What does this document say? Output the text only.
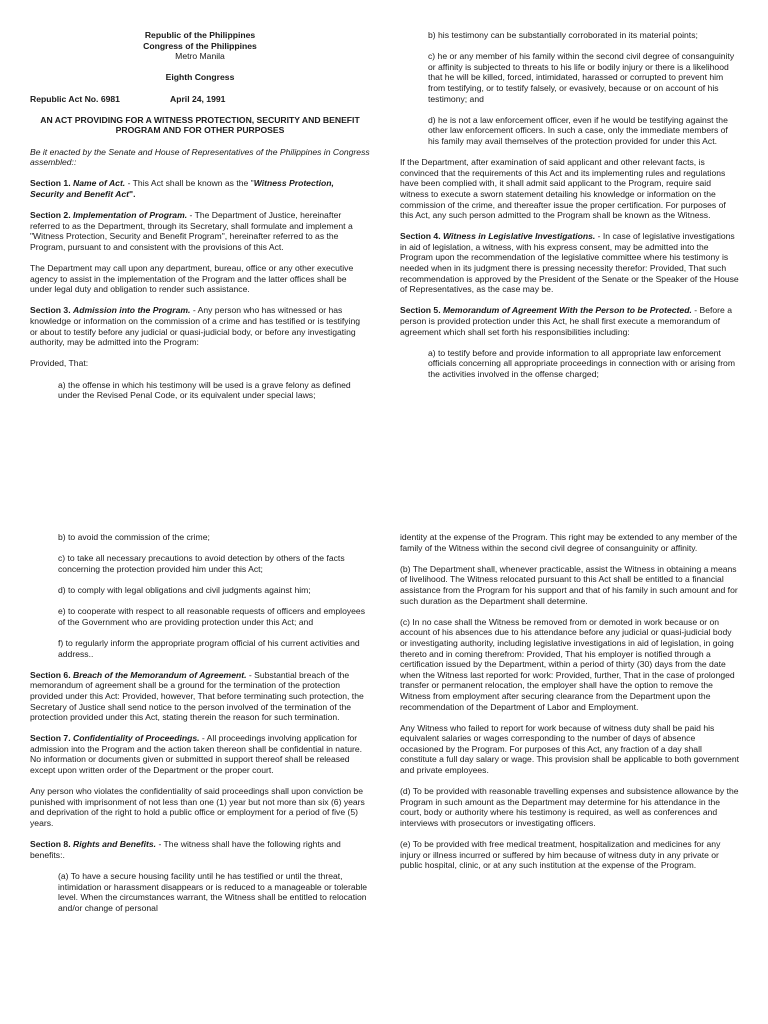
Republic of the Philippines
Congress of the Philippines
Metro Manila
Eighth Congress
Republic Act No. 6981	April 24, 1991
AN ACT PROVIDING FOR A WITNESS PROTECTION, SECURITY AND BENEFIT PROGRAM AND FOR OTHER PURPOSES
Be it enacted by the Senate and House of Representatives of the Philippines in Congress assembled::

Section 1. Name of Act. - This Act shall be known as the "Witness Protection, Security and Benefit Act".

Section 2. Implementation of Program. - The Department of Justice, hereinafter referred to as the Department, through its Secretary, shall formulate and implement a "Witness Protection, Security and Benefit Program", hereinafter referred to as the Program, pursuant to and consistent with the provisions of this Act.

The Department may call upon any department, bureau, office or any other executive agency to assist in the implementation of the Program and the latter offices shall be under legal duty and obligation to render such assistance.

Section 3. Admission into the Program. - Any person who has witnessed or has knowledge or information on the commission of a crime and has testified or is testifying or about to testify before any judicial or quasi-judicial body, or before any investigating authority, may be admitted into the Program:

Provided, That:

a) the offense in which his testimony will be used is a grave felony as defined under the Revised Penal Code, or its equivalent under special laws;

b) his testimony can be substantially corroborated in its material points;

c) he or any member of his family within the second civil degree of consanguinity or affinity is subjected to threats to his life or bodily injury or there is a likelihood that he will be killed, forced, intimidated, harassed or corrupted to prevent him from testifying, or to testify falsely, or evasively, because or on account of his testimony; and

d) he is not a law enforcement officer, even if he would be testifying against the other law enforcement officers. In such a case, only the immediate members of his family may avail themselves of the protection provided for under this Act.

If the Department, after examination of said applicant and other relevant facts, is convinced that the requirements of this Act and its implementing rules and regulations have been complied with, it shall admit said applicant to the Program, require said witness to execute a sworn statement detailing his knowledge or information on the commission of the crime, and thereafter issue the proper certification. For purposes of this Act, any such person admitted to the Program shall be known as the Witness.

Section 4. Witness in Legislative Investigations. - In case of legislative investigations in aid of legislation, a witness, with his express consent, may be admitted into the Program upon the recommendation of the legislative committee where his testimony is needed when in its judgment there is pressing necessity therefor: Provided, That such recommendation is approved by the President of the Senate or the Speaker of the House of Representatives, as the case may be.

Section 5. Memorandum of Agreement With the Person to be Protected. - Before a person is provided protection under this Act, he shall first execute a memorandum of agreement which shall set forth his responsibilities including:

a) to testify before and provide information to all appropriate law enforcement officials concerning all appropriate proceedings in connection with or arising from the activities involved in the offense charged;

b) to avoid the commission of the crime;

c) to take all necessary precautions to avoid detection by others of the facts concerning the protection provided him under this Act;

d) to comply with legal obligations and civil judgments against him;

e) to cooperate with respect to all reasonable requests of officers and employees of the Government who are providing protection under this Act; and

f) to regularly inform the appropriate program official of his current activities and address..

Section 6. Breach of the Memorandum of Agreement. - Substantial breach of the memorandum of agreement shall be a ground for the termination of the protection provided under this Act: Provided, however, That before terminating such protection, the Secretary of Justice shall send notice to the person involved of the termination of the protection provided under this Act, stating therein the reason for such termination.

Section 7. Confidentiality of Proceedings. - All proceedings involving application for admission into the Program and the action taken thereon shall be confidential in nature. No information or documents given or submitted in support thereof shall be released except upon written order of the Department or the proper court.

Any person who violates the confidentiality of said proceedings shall upon conviction be punished with imprisonment of not less than one (1) year but not more than six (6) years and deprivation of the right to hold a public office or employment for a period of five (5) years.

Section 8. Rights and Benefits. - The witness shall have the following rights and benefits:.

(a) To have a secure housing facility until he has testified or until the threat, intimidation or harassment disappears or is reduced to a manageable or tolerable level. When the circumstances warrant, the Witness shall be entitled to relocation and/or change of personal

identity at the expense of the Program. This right may be extended to any member of the family of the Witness within the second civil degree of consanguinity or affinity.

(b) The Department shall, whenever practicable, assist the Witness in obtaining a means of livelihood. The Witness relocated pursuant to this Act shall be entitled to a financial assistance from the Program for his support and that of his family in such amount and for such duration as the Department shall determine.

(c) In no case shall the Witness be removed from or demoted in work because or on account of his absences due to his attendance before any judicial or quasi-judicial body or investigating authority, including legislative investigations in aid of legislation, in going thereto and in coming therefrom: Provided, That his employer is notified through a certification issued by the Department, within a period of thirty (30) days from the date when the Witness last reported for work: Provided, further, That in the case of prolonged transfer or permanent relocation, the employer shall have the option to remove the Witness from employment after securing clearance from the Department upon the recommendation of the Department of Labor and Employment.

Any Witness who failed to report for work because of witness duty shall be paid his equivalent salaries or wages corresponding to the number of days of absence occasioned by the Program. For purposes of this Act, any fraction of a day shall constitute a full day salary or wage. This provision shall be applicable to both government and private employees.

(d) To be provided with reasonable travelling expenses and subsistence allowance by the Program in such amount as the Department may determine for his attendance in the court, body or authority where his testimony is required, as well as conferences and interviews with prosecutors or investigating officers.

(e) To be provided with free medical treatment, hospitalization and medicines for any injury or illness incurred or suffered by him because of witness duty in any private or public hospital, clinic, or at any such institution at the expense of the Program.
